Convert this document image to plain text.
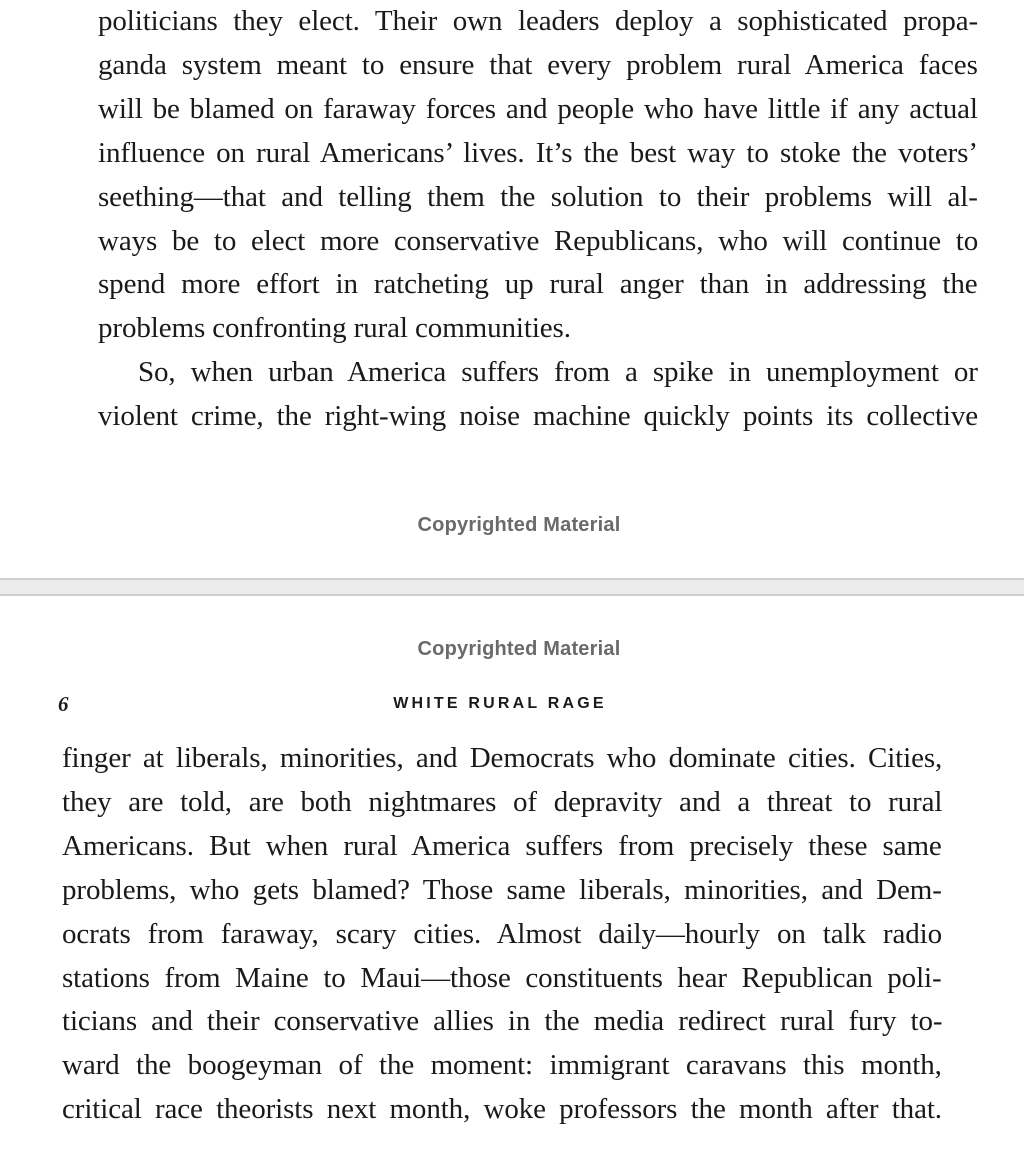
politicians they elect. Their own leaders deploy a sophisticated propa-
ganda system meant to ensure that every problem rural America faces
will be blamed on faraway forces and people who have little if any actual
influence on rural Americans’ lives. It’s the best way to stoke the voters’
seething—that and telling them the solution to their problems will al-
ways be to elect more conservative Republicans, who will continue to
spend more effort in ratcheting up rural anger than in addressing the
problems confronting rural communities.
So, when urban America suffers from a spike in unemployment or
violent crime, the right-wing noise machine quickly points its collective
Copyrighted Material
Copyrighted Material
6	WHITE RURAL RAGE
finger at liberals, minorities, and Democrats who dominate cities. Cities,
they are told, are both nightmares of depravity and a threat to rural
Americans. But when rural America suffers from precisely these same
problems, who gets blamed? Those same liberals, minorities, and Dem-
ocrats from faraway, scary cities. Almost daily—hourly on talk radio
stations from Maine to Maui—those constituents hear Republican poli-
ticians and their conservative allies in the media redirect rural fury to-
ward the boogeyman of the moment: immigrant caravans this month,
critical race theorists next month, woke professors the month after that.
